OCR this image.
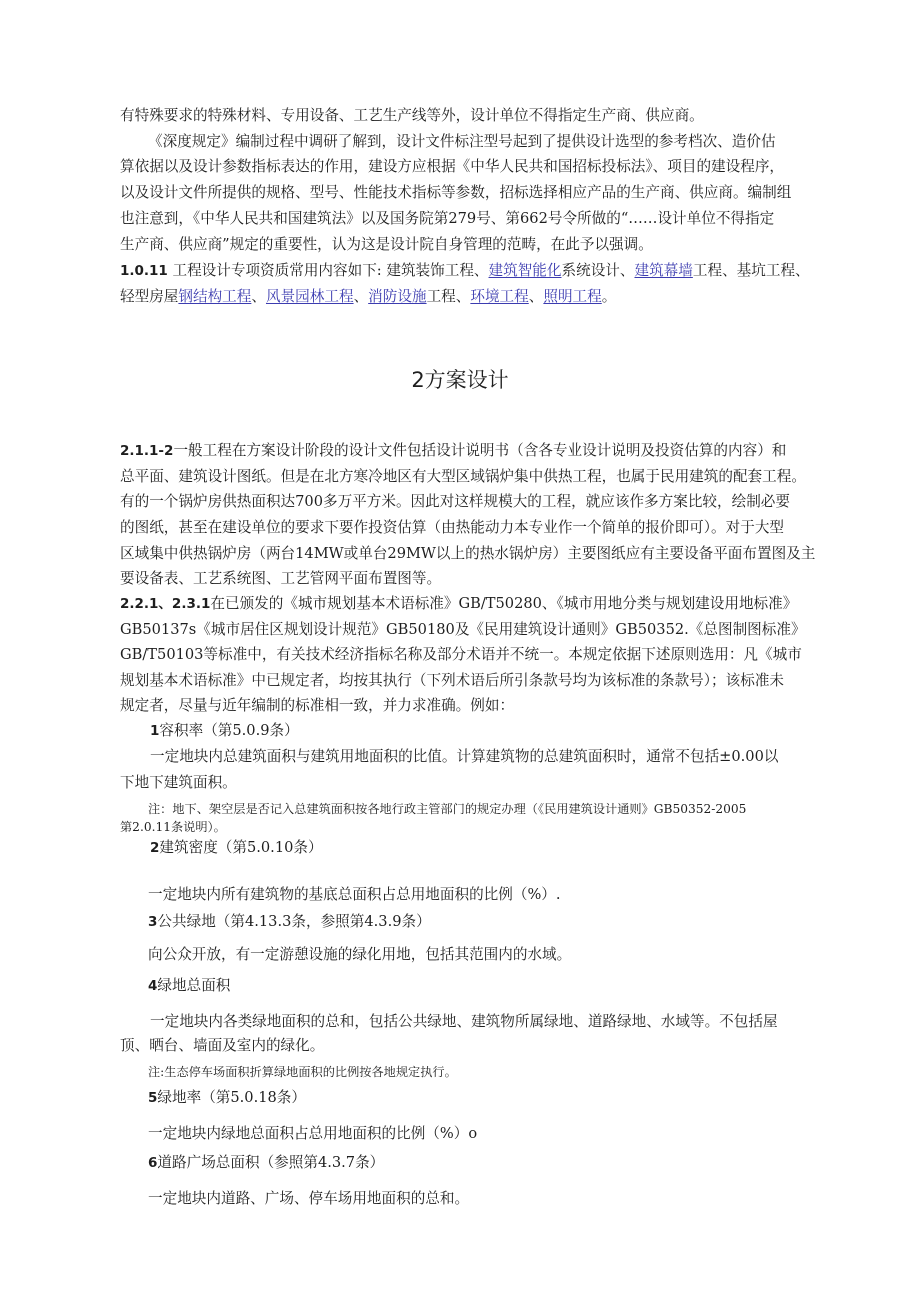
有特殊要求的特殊材料、专用设备、工艺生产线等外，设计单位不得指定生产商、供应商。
《深度规定》编制过程中调研了解到，设计文件标注型号起到了提供设计选型的参考档次、造价估
算依据以及设计参数指标表达的作用，建设方应根据《中华人民共和国招标投标法》、项目的建设程序，
以及设计文件所提供的规格、型号、性能技术指标等参数，招标选择相应产品的生产商、供应商。编制组
也注意到，《中华人民共和国建筑法》以及国务院第279号、第662号令所做的“……设计单位不得指定
生产商、供应商”规定的重要性，认为这是设计院自身管理的范畴，在此予以强调。
1.0.11 工程设计专项资质常用内容如下: 建筑装饰工程、建筑智能化系统设计、建筑幕墙工程、基坑工程、
轻型房屋钢结构工程、风景园林工程、消防设施工程、环境工程、照明工程。
2方案设计
2.1.1-2一般工程在方案设计阶段的设计文件包括设计说明书（含各专业设计说明及投资估算的内容）和
总平面、建筑设计图纸。但是在北方寒冷地区有大型区域锅炉集中供热工程，也属于民用建筑的配套工程。
有的一个锅炉房供热面积达700多万平方米。因此对这样规模大的工程，就应该作多方案比较，绘制必要
的图纸，甚至在建设单位的要求下要作投资估算（由热能动力本专业作一个简单的报价即可）。对于大型
区域集中供热锅炉房（两台14MW或单台29MW以上的热水锅炉房）主要图纸应有主要设备平面布置图及主
要设备表、工艺系统图、工艺管网平面布置图等。
2.2.1、2.3.1在已颁发的《城市规划基本术语标准》GB/T50280、《城市用地分类与规划建设用地标准》
GB50137s《城市居住区规划设计规范》GB50180及《民用建筑设计通则》GB50352.《总图制图标准》
GB/T50103等标准中，有关技术经济指标名称及部分术语并不统一。本规定依据下述原则选用：凡《城市
规划基本术语标准》中已规定者，均按其执行（下列术语后所引条款号均为该标准的条款号）；该标准未
规定者，尽量与近年编制的标准相一致，并力求准确。例如：
1容积率（第5.0.9条）
一定地块内总建筑面积与建筑用地面积的比值。计算建筑物的总建筑面积时，通常不包括±0.00以
下地下建筑面积。
注：地下、架空层是否记入总建筑面积按各地行政主管部门的规定办理（《民用建筑设计通则》GB50352-2005
第2.0.11条说明）。
2建筑密度（第5.0.10条）
一定地块内所有建筑物的基底总面积占总用地面积的比例（%）.
3公共绿地（第4.13.3条，参照第4.3.9条）
向公众开放，有一定游憩设施的绿化用地，包括其范围内的水域。
4绿地总面积
一定地块内各类绿地面积的总和，包括公共绿地、建筑物所属绿地、道路绿地、水域等。不包括屋
顶、晒台、墙面及室内的绿化。
注:生态停车场面积折算绿地面积的比例按各地规定执行。
5绿地率（第5.0.18条）
一定地块内绿地总面积占总用地面积的比例（%）o
6道路广场总面积（参照第4.3.7条）
一定地块内道路、广场、停车场用地面积的总和。
